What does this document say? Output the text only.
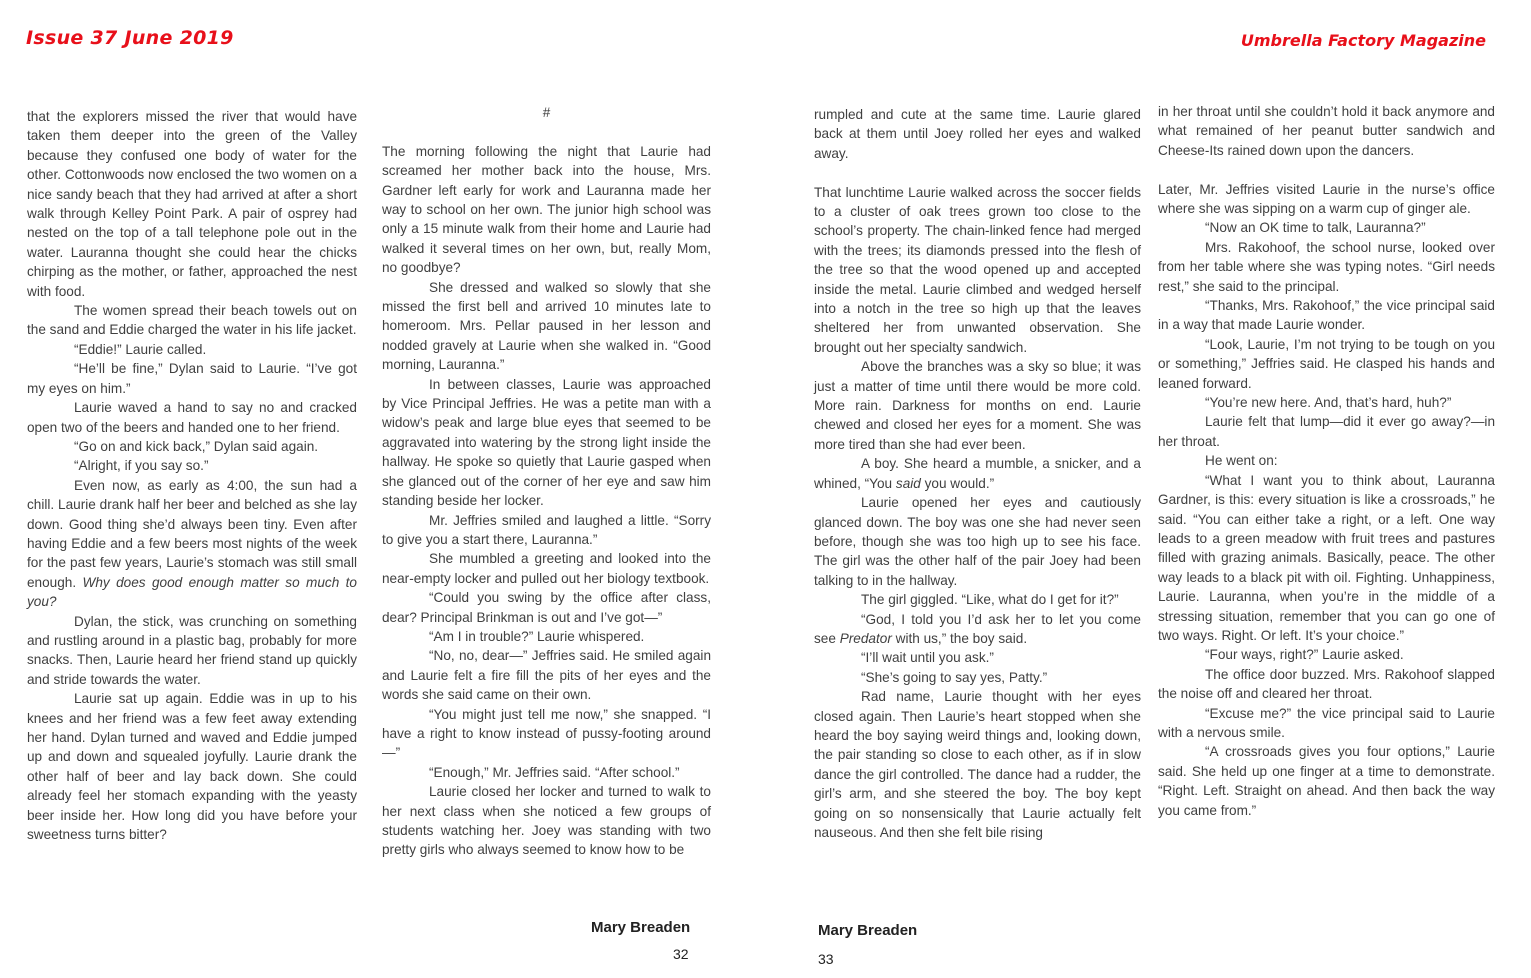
Issue 37 June 2019	Umbrella Factory Magazine

that the explorers missed the river that would have taken them deeper into the green of the Valley because they confused one body of water for the other. Cottonwoods now enclosed the two women on a nice sandy beach that they had arrived at after a short walk through Kelley Point Park. A pair of osprey had nested on the top of a tall telephone pole out in the water. Lauranna thought she could hear the chicks chirping as the mother, or father, approached the nest with food.

The women spread their beach towels out on the sand and Eddie charged the water in his life jacket.

“Eddie!” Laurie called.

“He’ll be fine,” Dylan said to Laurie. “I’ve got my eyes on him.”

Laurie waved a hand to say no and cracked open two of the beers and handed one to her friend.

“Go on and kick back,” Dylan said again.

“Alright, if you say so.”

Even now, as early as 4:00, the sun had a chill. Laurie drank half her beer and belched as she lay down. Good thing she’d always been tiny. Even after having Eddie and a few beers most nights of the week for the past few years, Laurie’s stomach was still small enough. Why does good enough matter so much to you?

Dylan, the stick, was crunching on something and rustling around in a plastic bag, probably for more snacks. Then, Laurie heard her friend stand up quickly and stride towards the water.

Laurie sat up again. Eddie was in up to his knees and her friend was a few feet away extending her hand. Dylan turned and waved and Eddie jumped up and down and squealed joyfully. Laurie drank the other half of beer and lay back down. She could already feel her stomach expanding with the yeasty beer inside her. How long did you have before your sweetness turns bitter?

#

The morning following the night that Laurie had screamed her mother back into the house, Mrs. Gardner left early for work and Lauranna made her way to school on her own. The junior high school was only a 15 minute walk from their home and Laurie had walked it several times on her own, but, really Mom, no goodbye?

She dressed and walked so slowly that she missed the first bell and arrived 10 minutes late to homeroom. Mrs. Pellar paused in her lesson and nodded gravely at Laurie when she walked in. “Good morning, Lauranna.”

In between classes, Laurie was approached by Vice Principal Jeffries. He was a petite man with a widow’s peak and large blue eyes that seemed to be aggravated into watering by the strong light inside the hallway. He spoke so quietly that Laurie gasped when she glanced out of the corner of her eye and saw him standing beside her locker.

Mr. Jeffries smiled and laughed a little. “Sorry to give you a start there, Lauranna.”

She mumbled a greeting and looked into the near-empty locker and pulled out her biology textbook.

“Could you swing by the office after class, dear? Principal Brinkman is out and I’ve got—”

“Am I in trouble?” Laurie whispered.

“No, no, dear—” Jeffries said. He smiled again and Laurie felt a fire fill the pits of her eyes and the words she said came on their own.

“You might just tell me now,” she snapped. “I have a right to know instead of pussy-footing around—”

“Enough,” Mr. Jeffries said. “After school.”

Laurie closed her locker and turned to walk to her next class when she noticed a few groups of students watching her. Joey was standing with two pretty girls who always seemed to know how to be

rumpled and cute at the same time. Laurie glared back at them until Joey rolled her eyes and walked away.

That lunchtime Laurie walked across the soccer fields to a cluster of oak trees grown too close to the school’s property. The chain-linked fence had merged with the trees; its diamonds pressed into the flesh of the tree so that the wood opened up and accepted inside the metal. Laurie climbed and wedged herself into a notch in the tree so high up that the leaves sheltered her from unwanted observation. She brought out her specialty sandwich.

Above the branches was a sky so blue; it was just a matter of time until there would be more cold. More rain. Darkness for months on end. Laurie chewed and closed her eyes for a moment. She was more tired than she had ever been.

A boy. She heard a mumble, a snicker, and a whined, “You said you would.”

Laurie opened her eyes and cautiously glanced down. The boy was one she had never seen before, though she was too high up to see his face. The girl was the other half of the pair Joey had been talking to in the hallway.

The girl giggled. “Like, what do I get for it?”

“God, I told you I’d ask her to let you come see Predator with us,” the boy said.

“I’ll wait until you ask.”

“She’s going to say yes, Patty.”

Rad name, Laurie thought with her eyes closed again. Then Laurie’s heart stopped when she heard the boy saying weird things and, looking down, the pair standing so close to each other, as if in slow dance the girl controlled. The dance had a rudder, the girl’s arm, and she steered the boy. The boy kept going on so nonsensically that Laurie actually felt nauseous. And then she felt bile rising

in her throat until she couldn’t hold it back anymore and what remained of her peanut butter sandwich and Cheese-Its rained down upon the dancers.

Later, Mr. Jeffries visited Laurie in the nurse’s office where she was sipping on a warm cup of ginger ale.

“Now an OK time to talk, Lauranna?”

Mrs. Rakohoof, the school nurse, looked over from her table where she was typing notes. “Girl needs rest,” she said to the principal.

“Thanks, Mrs. Rakohoof,” the vice principal said in a way that made Laurie wonder.

“Look, Laurie, I’m not trying to be tough on you or something,” Jeffries said. He clasped his hands and leaned forward.

“You’re new here. And, that’s hard, huh?”

Laurie felt that lump—did it ever go away?—in her throat.

He went on:

“What I want you to think about, Lauranna Gardner, is this: every situation is like a crossroads,” he said. “You can either take a right, or a left. One way leads to a green meadow with fruit trees and pastures filled with grazing animals. Basically, peace. The other way leads to a black pit with oil. Fighting. Unhappiness, Laurie. Lauranna, when you’re in the middle of a stressing situation, remember that you can go one of two ways. Right. Or left. It’s your choice.”

“Four ways, right?” Laurie asked.

The office door buzzed. Mrs. Rakohoof slapped the noise off and cleared her throat.

“Excuse me?” the vice principal said to Laurie with a nervous smile.

“A crossroads gives you four options,” Laurie said. She held up one finger at a time to demonstrate. “Right. Left. Straight on ahead. And then back the way you came from.”

Mary Breaden
32
Mary Breaden
33
